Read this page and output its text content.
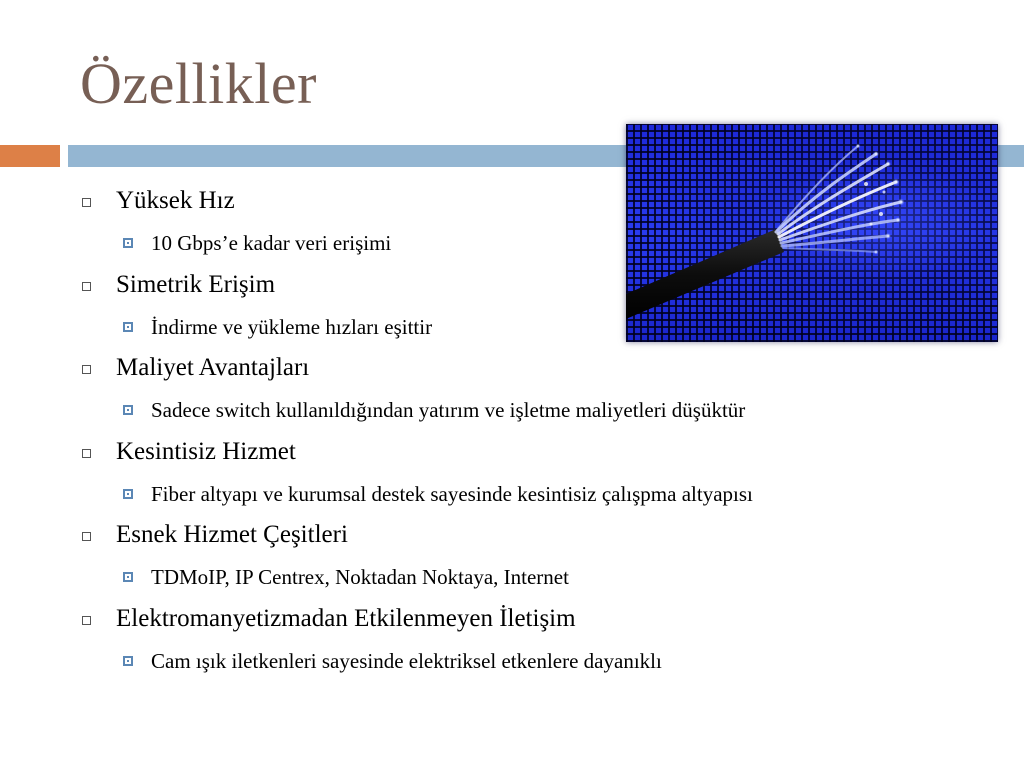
Özellikler
Yüksek Hız
10 Gbps’e kadar veri erişimi
Simetrik Erişim
İndirme ve yükleme hızları eşittir
Maliyet Avantajları
Sadece switch kullanıldığından yatırım ve işletme maliyetleri düşüktür
Kesintisiz Hizmet
Fiber altyapı ve kurumsal destek sayesinde kesintisiz çalışpma altyapısı
Esnek Hizmet Çeşitleri
TDMoIP, IP Centrex, Noktadan Noktaya, Internet
Elektromanyetizmadan Etkilenmeyen İletişim
Cam ışık iletkenleri sayesinde elektriksel etkenlere dayanıklı
